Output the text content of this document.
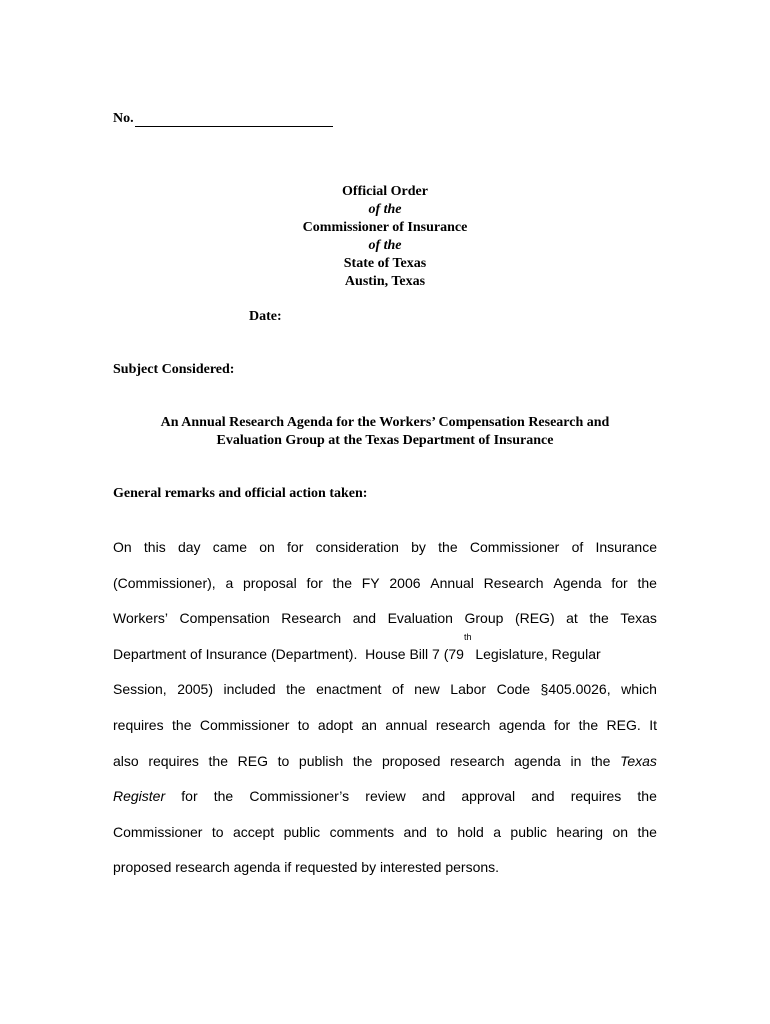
No.
Official Order
of the
Commissioner of Insurance
of the
State of Texas
Austin, Texas
Date:
Subject Considered:
An Annual Research Agenda for the Workers’ Compensation Research and
Evaluation Group at the Texas Department of Insurance
General remarks and official action taken:
On this day came on for consideration by the Commissioner of Insurance
(Commissioner), a proposal for the FY 2006 Annual Research Agenda for the
Workers’ Compensation Research and Evaluation Group (REG) at the Texas
Department of Insurance (Department).  House Bill 7 (79
th
Legislature, Regular
Session, 2005) included the enactment of new Labor Code §405.0026, which
requires the Commissioner to adopt an annual research agenda for the REG. It
also requires the REG to publish the proposed research agenda in the Texas
Register for the Commissioner’s review and approval and requires the
Commissioner to accept public comments and to hold a public hearing on the
proposed research agenda if requested by interested persons.
